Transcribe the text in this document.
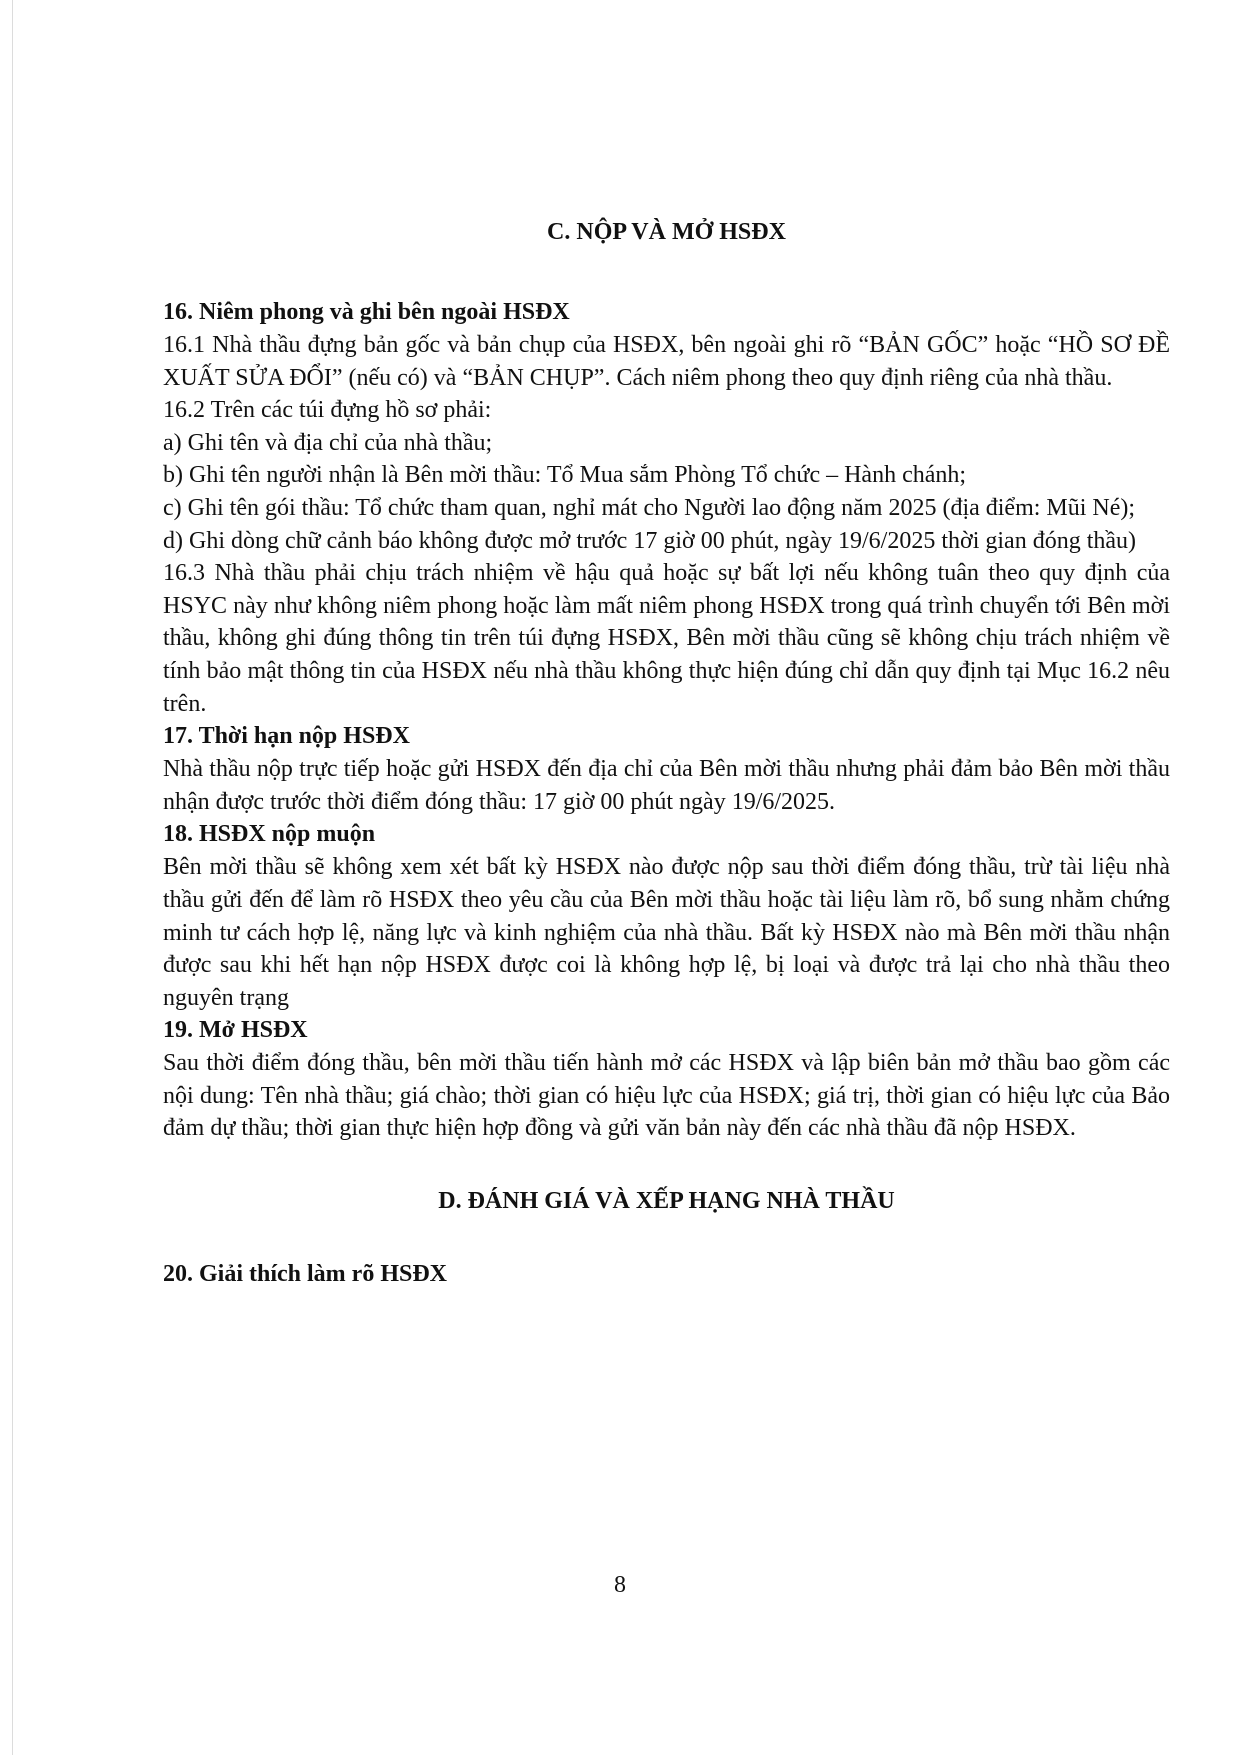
C. NỘP VÀ MỞ HSĐX

16. Niêm phong và ghi bên ngoài HSĐX

16.1 Nhà thầu đựng bản gốc và bản chụp của HSĐX, bên ngoài ghi rõ “BẢN GỐC” hoặc “HỒ SƠ ĐỀ XUẤT SỬA ĐỔI” (nếu có) và “BẢN CHỤP”. Cách niêm phong theo quy định riêng của nhà thầu.

16.2 Trên các túi đựng hồ sơ phải:

a) Ghi tên và địa chỉ của nhà thầu;

b) Ghi tên người nhận là Bên mời thầu: Tổ Mua sắm Phòng Tổ chức – Hành chánh;

c) Ghi tên gói thầu: Tổ chức tham quan, nghỉ mát cho Người lao động năm 2025 (địa điểm: Mũi Né);

d) Ghi dòng chữ cảnh báo không được mở trước 17 giờ 00 phút, ngày 19/6/2025 thời gian đóng thầu)

16.3 Nhà thầu phải chịu trách nhiệm về hậu quả hoặc sự bất lợi nếu không tuân theo quy định của HSYC này như không niêm phong hoặc làm mất niêm phong HSĐX trong quá trình chuyển tới Bên mời thầu, không ghi đúng thông tin trên túi đựng HSĐX, Bên mời thầu cũng sẽ không chịu trách nhiệm về tính bảo mật thông tin của HSĐX nếu nhà thầu không thực hiện đúng chỉ dẫn quy định tại Mục 16.2 nêu trên.

17. Thời hạn nộp HSĐX

Nhà thầu nộp trực tiếp hoặc gửi HSĐX đến địa chỉ của Bên mời thầu nhưng phải đảm bảo Bên mời thầu nhận được trước thời điểm đóng thầu: 17 giờ 00 phút ngày 19/6/2025.

18. HSĐX nộp muộn

Bên mời thầu sẽ không xem xét bất kỳ HSĐX nào được nộp sau thời điểm đóng thầu, trừ tài liệu nhà thầu gửi đến để làm rõ HSĐX theo yêu cầu của Bên mời thầu hoặc tài liệu làm rõ, bổ sung nhằm chứng minh tư cách hợp lệ, năng lực và kinh nghiệm của nhà thầu. Bất kỳ HSĐX nào mà Bên mời thầu nhận được sau khi hết hạn nộp HSĐX được coi là không hợp lệ, bị loại và được trả lại cho nhà thầu theo nguyên trạng

19. Mở HSĐX

Sau thời điểm đóng thầu, bên mời thầu tiến hành mở các HSĐX và lập biên bản mở thầu bao gồm các nội dung: Tên nhà thầu; giá chào; thời gian có hiệu lực của HSĐX; giá trị, thời gian có hiệu lực của Bảo đảm dự thầu; thời gian thực hiện hợp đồng và gửi văn bản này đến các nhà thầu đã nộp HSĐX.

D. ĐÁNH GIÁ VÀ XẾP HẠNG NHÀ THẦU

20. Giải thích làm rõ HSĐX

8
